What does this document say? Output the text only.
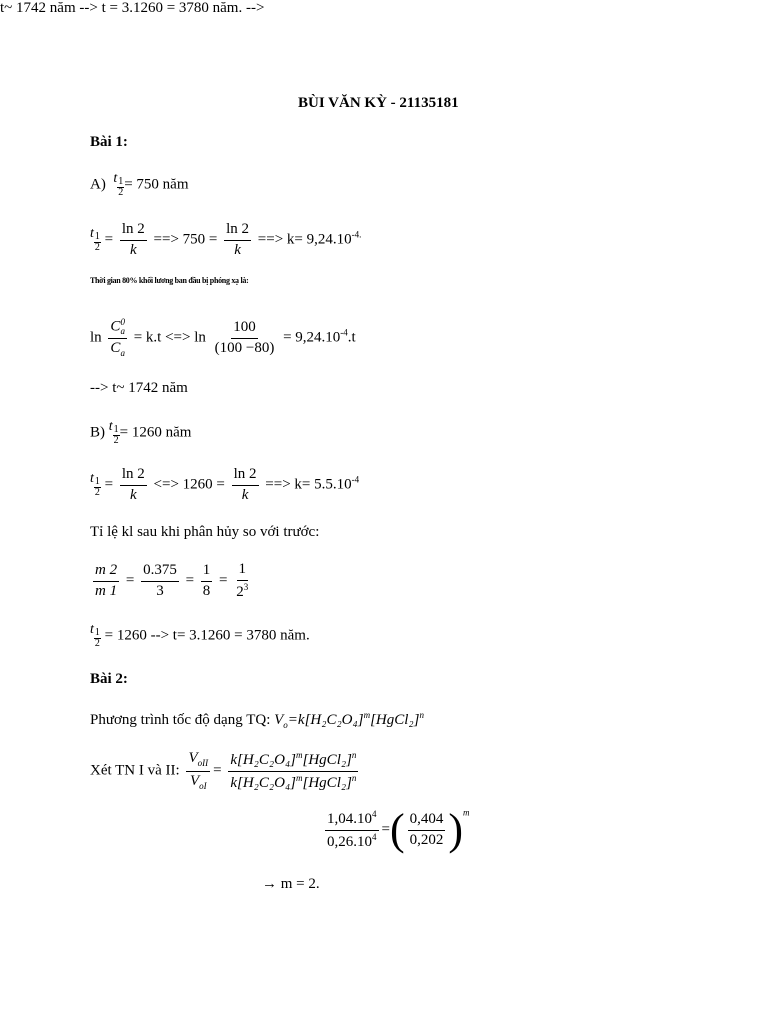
BÙI VĂN KỲ - 21135181
Bài 1:
A) t 1
2
= 750 năm
t 1
2
= $\frac{\ln 2}{k}$ ==> $750 = \frac{\ln 2}{k}$ ==> $k= 9,24.10^{-4.}$
Thời gian 80% khối lương ban đầu bị phóng xạ là:
ln C 0
a
$C_a = k.t$ <=> $\ln \frac{100}{(100 -80)} = 9,24.10^{-4}.t$
t~ 1742 năm -->
--> t~ 1742 năm
B) t 1
2
= 1260 năm
t 1
2
= $\frac{\ln 2}{k}$ <=> $1260 = \frac{\ln 2}{k}$ ==> $k= 5.5.10^{-4}$
Tỉ lệ kl sau khi phân hủy so với trước:
$\frac{m 2}{m 1} = \frac{0.375}{3} = \frac{1}{8} = \frac{1}{2^3}$
t = 3.1260 = 3780 năm. -->
t 1
2
= 1260 --> t= 3.1260 = 3780 năm.
Bài 2:
Phương trình tốc độ dạng TQ: $V_o=k[H_2C_2O_4]^m[HgCl_2]^n$
Xét TN I và II:
$V_{oII}$
$V_{oI}$
=
$k[H_2C_2O_4]^m[HgCl_2]^n$
$k[H_2C_2O_4]^m[HgCl_2]^n$
$\frac{1,04.10^4}{0,26.10^4}$ =( $\frac{0,404}{0,202} )^m$
→ m = 2.
